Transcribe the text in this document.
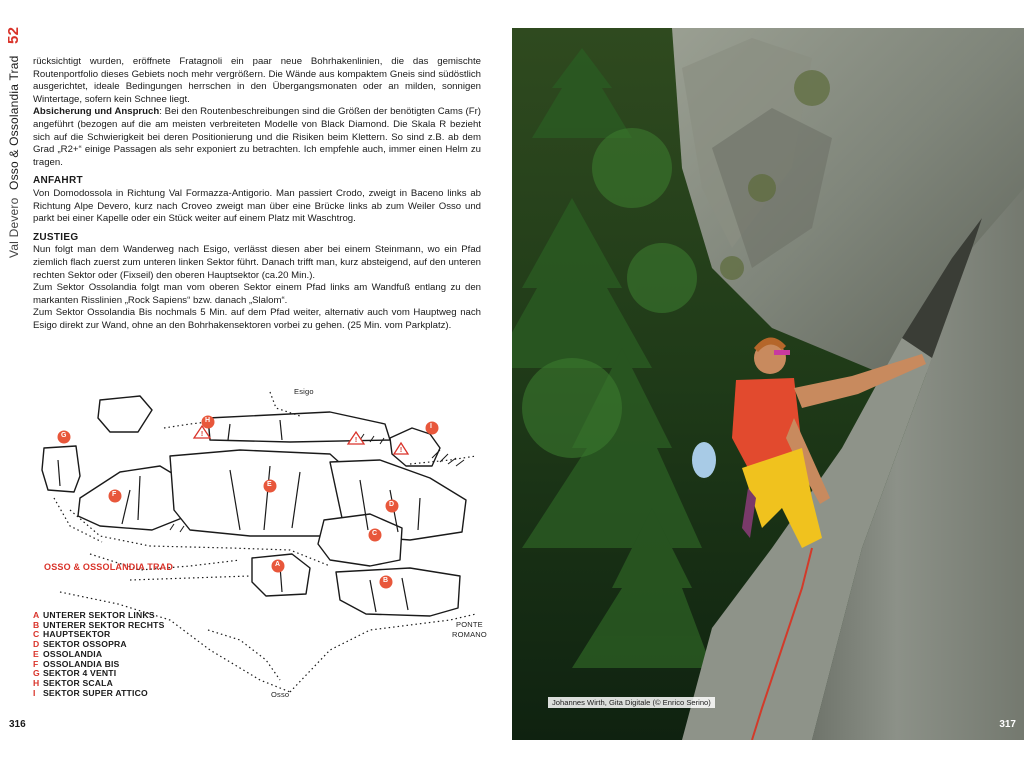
Val Devero Osso & Ossolandia Trad 52

rücksichtigt wurden, eröffnete Fratagnoli ein paar neue Bohrhakenlinien, die das gemischte Routenportfolio dieses Gebiets noch mehr vergrößern. Die Wände aus kompaktem Gneis sind südöstlich ausgerichtet, ideale Bedingungen herrschen in den Übergangsmonaten oder an milden, sonnigen Wintertage, sofern kein Schnee liegt.

Absicherung und Anspruch: Bei den Routenbeschreibungen sind die Größen der benötigten Cams (Fr) angeführt (bezogen auf die am meisten verbreiteten Modelle von Black Diamond. Die Skala R bezieht sich auf die Schwierigkeit bei deren Positionierung und die Risiken beim Klettern. So sind z.B. ab dem Grad „R2+“ einige Passagen als sehr exponiert zu betrachten. Ich empfehle auch, immer einen Helm zu tragen.

ANFAHRT

Von Domodossola in Richtung Val Formazza-Antigorio. Man passiert Crodo, zweigt in Baceno links ab Richtung Alpe Devero, kurz nach Croveo zweigt man über eine Brücke links ab zum Weiler Osso und parkt bei einer Kapelle oder ein Stück weiter auf einem Platz mit Waschtrog.

ZUSTIEG

Nun folgt man dem Wanderweg nach Esigo, verlässt diesen aber bei einem Steinmann, wo ein Pfad ziemlich flach zuerst zum unteren linken Sektor führt. Danach trifft man, kurz absteigend, auf den unteren rechten Sektor oder (Fixseil) den oberen Hauptsektor (ca.20 Min.).

Zum Sektor Ossolandia folgt man vom oberen Sektor einem Pfad links am Wandfuß entlang zu den markanten Risslinien „Rock Sapiens“ bzw. danach „Slalom“.

Zum Sektor Ossolandia Bis nochmals 5 Min. auf dem Pfad weiter, alternativ auch vom Hauptweg nach Esigo direkt zur Wand, ohne an den Bohrhakensektoren vorbei zu gehen. (25 Min. vom Parkplatz).

!
!
!
A
B
C
D
E
F
G
H
I
Esigo
PONTE
ROMANO
Osso
OSSO & OSSOLANDIA TRAD
A UNTERER SEKTOR LINKS
B UNTERER SEKTOR RECHTS
C HAUPTSEKTOR
D SEKTOR OSSOPRA
E OSSOLANDIA
F OSSOLANDIA BIS
G SEKTOR 4 VENTI
H SEKTOR SCALA
I SEKTOR SUPER ATTICO
316
Johannes Wirth, Gita Digitale (© Enrico Serino)
317
